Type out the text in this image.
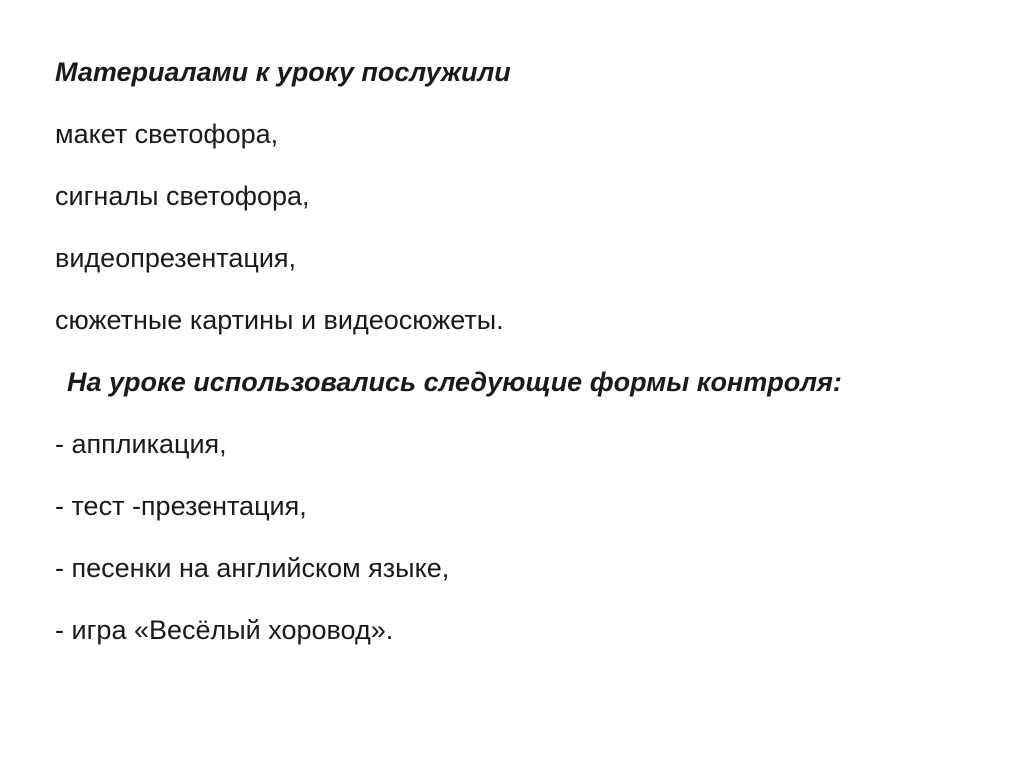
Материалами к уроку послужили
макет светофора,
сигналы светофора,
видеопрезентация,
сюжетные картины и видеосюжеты.
На уроке использовались следующие формы контроля:
- аппликация,
- тест -презентация,
- песенки на английском языке,
- игра «Весёлый хоровод».
